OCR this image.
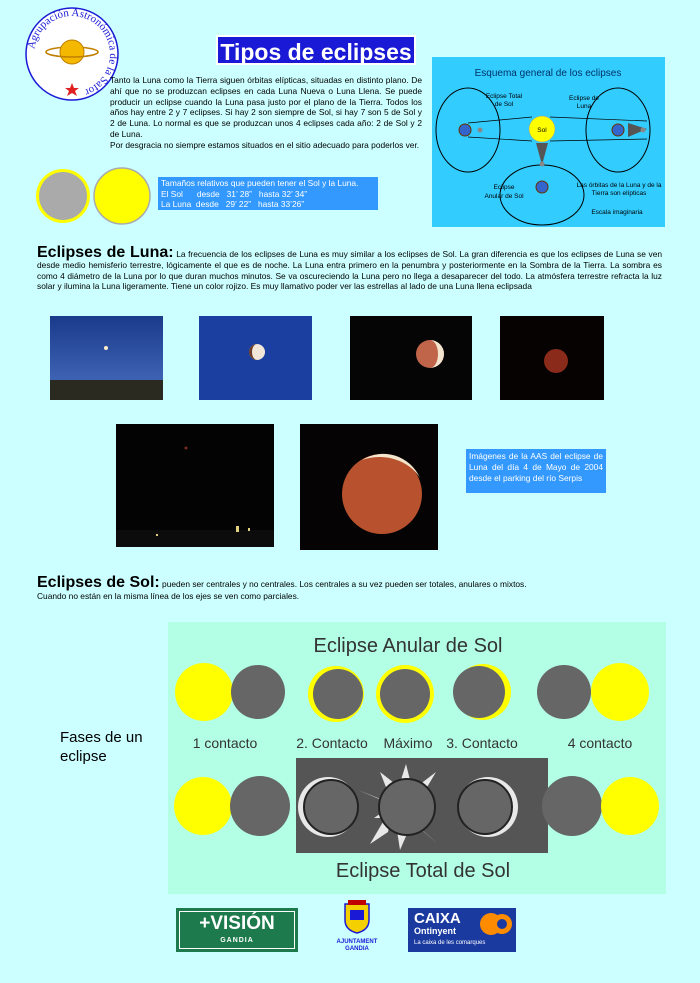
Agrupación Astronómica de la Safor
Tipos de eclipses

Tanto la Luna como la Tierra siguen órbitas elípticas, situadas en distinto plano. De ahí que no se produzcan eclipses en cada Luna Nueva o Luna Llena. Se puede producir un eclipse cuando la Luna pasa justo por el plano de la Tierra. Todos los años hay entre 2 y 7 eclipses. Si hay 2 son siempre de Sol, si hay 7 son 5 de Sol y 2 de Luna. Lo normal es que se produzcan unos 4 eclipses cada año: 2 de Sol y 2 de Luna.

Por desgracia no siempre estamos situados en el sitio adecuado para poderlos ver.

Esquema general de los eclipses
Sol
Eclipse Total de Sol
Eclipse de Luna
Eclipse Anular de Sol
Las órbitas de la Luna y de la Tierra son elípticas
Escala imaginaria
Tamaños relativos que pueden tener el Sol y la Luna.
El Sol      desde   31’ 28”   hasta 32’ 34”
La Luna  desde   29’ 22”   hasta 33’26”
Eclipses de Luna: La frecuencia de los eclipses de Luna es muy similar a los eclipses de Sol. La gran diferencia es que los eclipses de Luna se ven desde medio hemisferio terrestre, lógicamente el que es de noche. La Luna entra primero en la penumbra y posteriormente en la Sombra de la Tierra. La sombra es como 4 diámetro de la Luna por lo que duran muchos minutos. Se va oscureciendo la Luna pero no llega a desaparecer del todo. La atmósfera terrestre refracta la luz solar y ilumina la Luna ligeramente. Tiene un color rojizo. Es muy llamativo poder ver las estrellas al lado de una Luna llena eclipsada
Imágenes de la AAS del eclipse de Luna del día 4 de Mayo de 2004 desde el parking del río Serpis
Eclipses de Sol: pueden ser centrales y no centrales. Los centrales a su vez pueden ser totales, anulares o mixtos.
Cuando no están en la misma línea de los ejes se ven como parciales.
Fases de un eclipse
Eclipse Anular de Sol
1 contacto	2. Contacto Máximo 3. Contacto	4 contacto
Eclipse Total de Sol
+VISIÓN
GANDIA	AJUNTAMENT
GANDIA
CAIXA
Ontinyent
La caixa de les comarques
